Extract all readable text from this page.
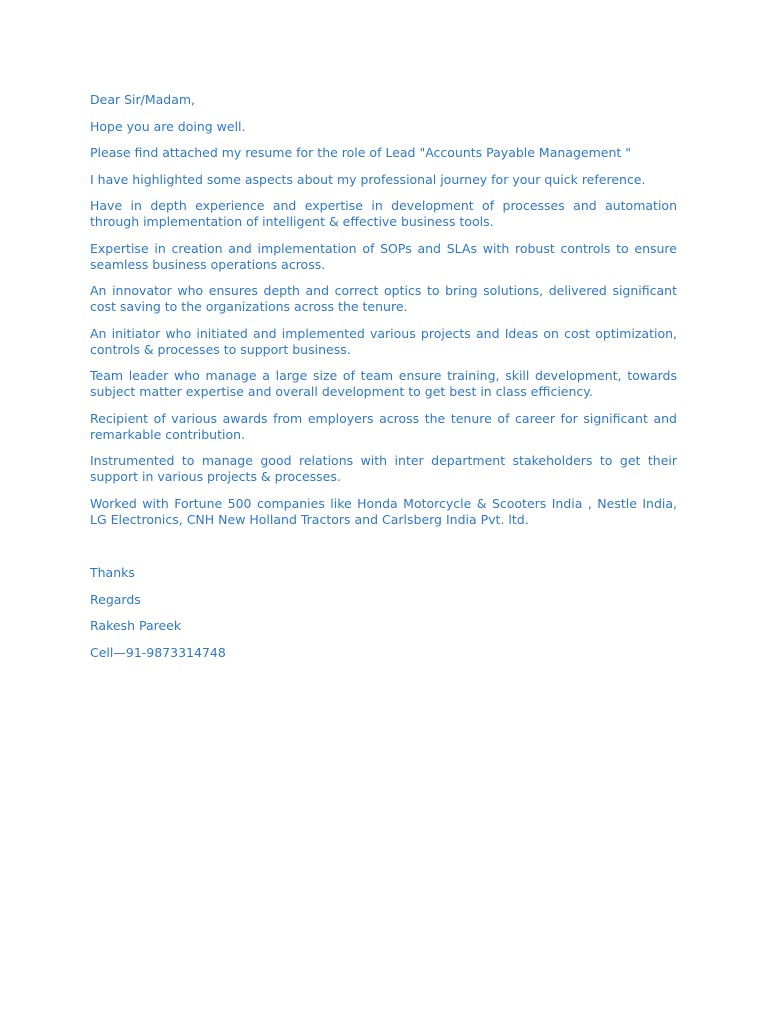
Dear Sir/Madam,

Hope you are doing well.

Please find attached my resume for the role of Lead "Accounts Payable Management "

I have highlighted some aspects about my professional journey for your quick reference.

Have in depth experience and expertise in development of processes and automation through implementation of intelligent & effective business tools.

Expertise in creation and implementation of SOPs and SLAs with robust controls to ensure seamless business operations across.

An innovator who ensures depth and correct optics to bring solutions, delivered significant cost saving to the organizations across the tenure.

An initiator who initiated and implemented various projects and Ideas on cost optimization, controls & processes to support business.

Team leader who manage a large size of team ensure training, skill development, towards subject matter expertise and overall development to get best in class efficiency.

Recipient of various awards from employers across the tenure of career for significant and remarkable contribution.

Instrumented to manage good relations with inter department stakeholders to get their support in various projects & processes.

Worked with Fortune 500 companies like Honda Motorcycle & Scooters India , Nestle India, LG Electronics, CNH New Holland Tractors and Carlsberg India Pvt. ltd.

Thanks

Regards

Rakesh Pareek

Cell—91-9873314748
